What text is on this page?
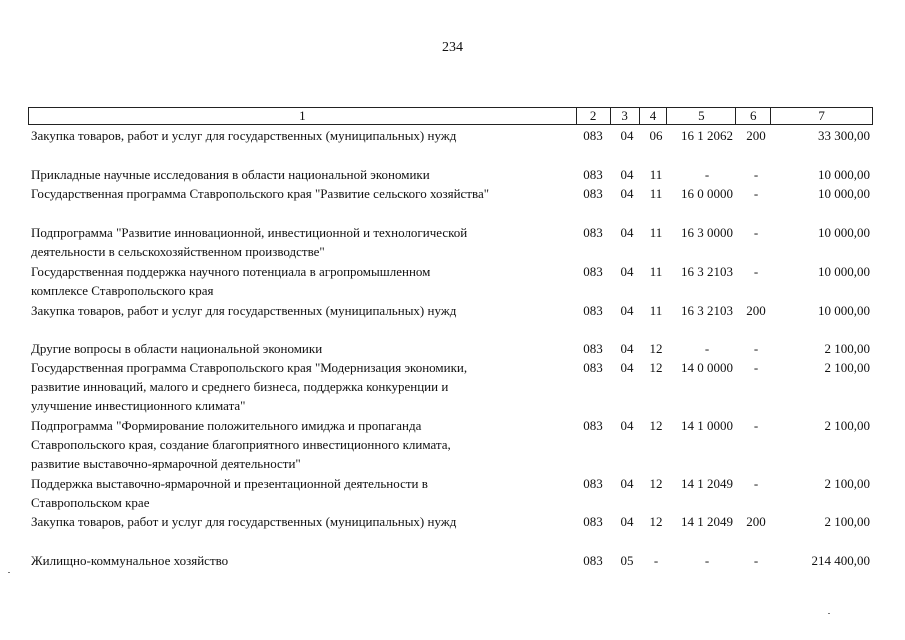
234
1	2	3	4	5	6	7
Закупка товаров, работ и услуг для государственных (муниципальных) нужд	083	04	06	16 1 2062	200	33 300,00
Прикладные научные исследования в области национальной экономики	083	04	11	-	-	10 000,00
Государственная программа Ставропольского края "Развитие сельского хозяйства"	083	04	11	16 0 0000	-	10 000,00
Подпрограмма "Развитие инновационной, инвестиционной и технологической
деятельности в сельскохозяйственном производстве"
083	04	11	16 3 0000	-	10 000,00
Государственная поддержка научного потенциала в агропромышленном
комплексе Ставропольского края
083	04	11	16 3 2103	-	10 000,00
Закупка товаров, работ и услуг для государственных (муниципальных) нужд	083	04	11	16 3 2103	200	10 000,00
Другие вопросы в области национальной экономики	083	04	12	-	-	2 100,00
Государственная программа Ставропольского края "Модернизация экономики,
развитие инноваций, малого и среднего бизнеса, поддержка конкуренции и
улучшение инвестиционного климата"
083	04	12	14 0 0000	-	2 100,00
Подпрограмма "Формирование положительного имиджа и пропаганда
Ставропольского края, создание благоприятного инвестиционного климата,
развитие выставочно-ярмарочной деятельности"
083	04	12	14 1 0000	-	2 100,00
Поддержка выставочно-ярмарочной и презентационной деятельности в
Ставропольском крае
083	04	12	14 1 2049	-	2 100,00
Закупка товаров, работ и услуг для государственных (муниципальных) нужд	083	04	12	14 1 2049	200	2 100,00
Жилищно-коммунальное хозяйство	083	05	-	-	-	214 400,00
